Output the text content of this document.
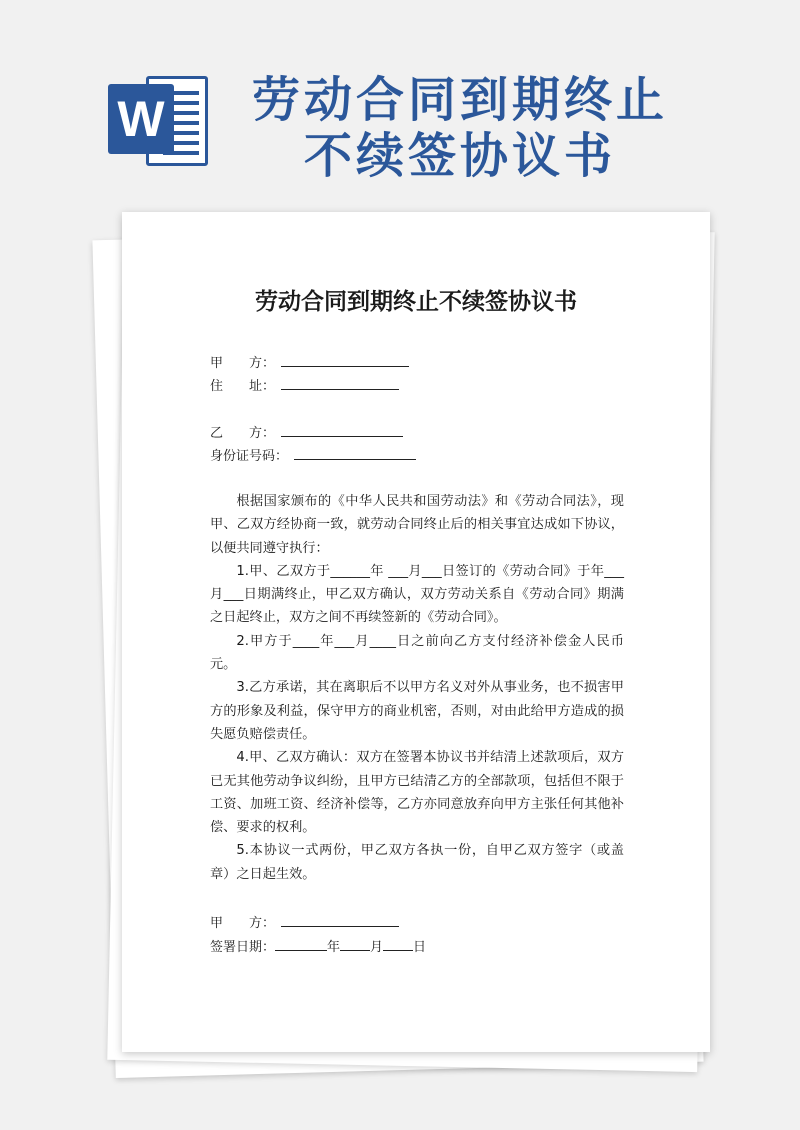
W 劳动合同到期终止
不续签协议书
劳动合同到期终止不续签协议书
甲　　方：
住　　址：
乙　　方：
身份证号码：

根据国家颁布的《中华人民共和国劳动法》和《劳动合同法》，现甲、乙双方经协商一致，就劳动合同终止后的相关事宜达成如下协议，以便共同遵守执行：

1.甲、乙双方于______年 ___月___日签订的《劳动合同》于年___月___日期满终止，甲乙双方确认，双方劳动关系自《劳动合同》期满之日起终止，双方之间不再续签新的《劳动合同》。

2.甲方于____年___月____日之前向乙方支付经济补偿金人民币元。

3.乙方承诺，其在离职后不以甲方名义对外从事业务，也不损害甲方的形象及利益，保守甲方的商业机密，否则，对由此给甲方造成的损失愿负赔偿责任。

4.甲、乙双方确认：双方在签署本协议书并结清上述款项后，双方已无其他劳动争议纠纷，且甲方已结清乙方的全部款项，包括但不限于工资、加班工资、经济补偿等，乙方亦同意放弃向甲方主张任何其他补偿、要求的权利。

5.本协议一式两份，甲乙双方各执一份，自甲乙双方签字（或盖章）之日起生效。

甲　　方：
签署日期：	年 月 日
